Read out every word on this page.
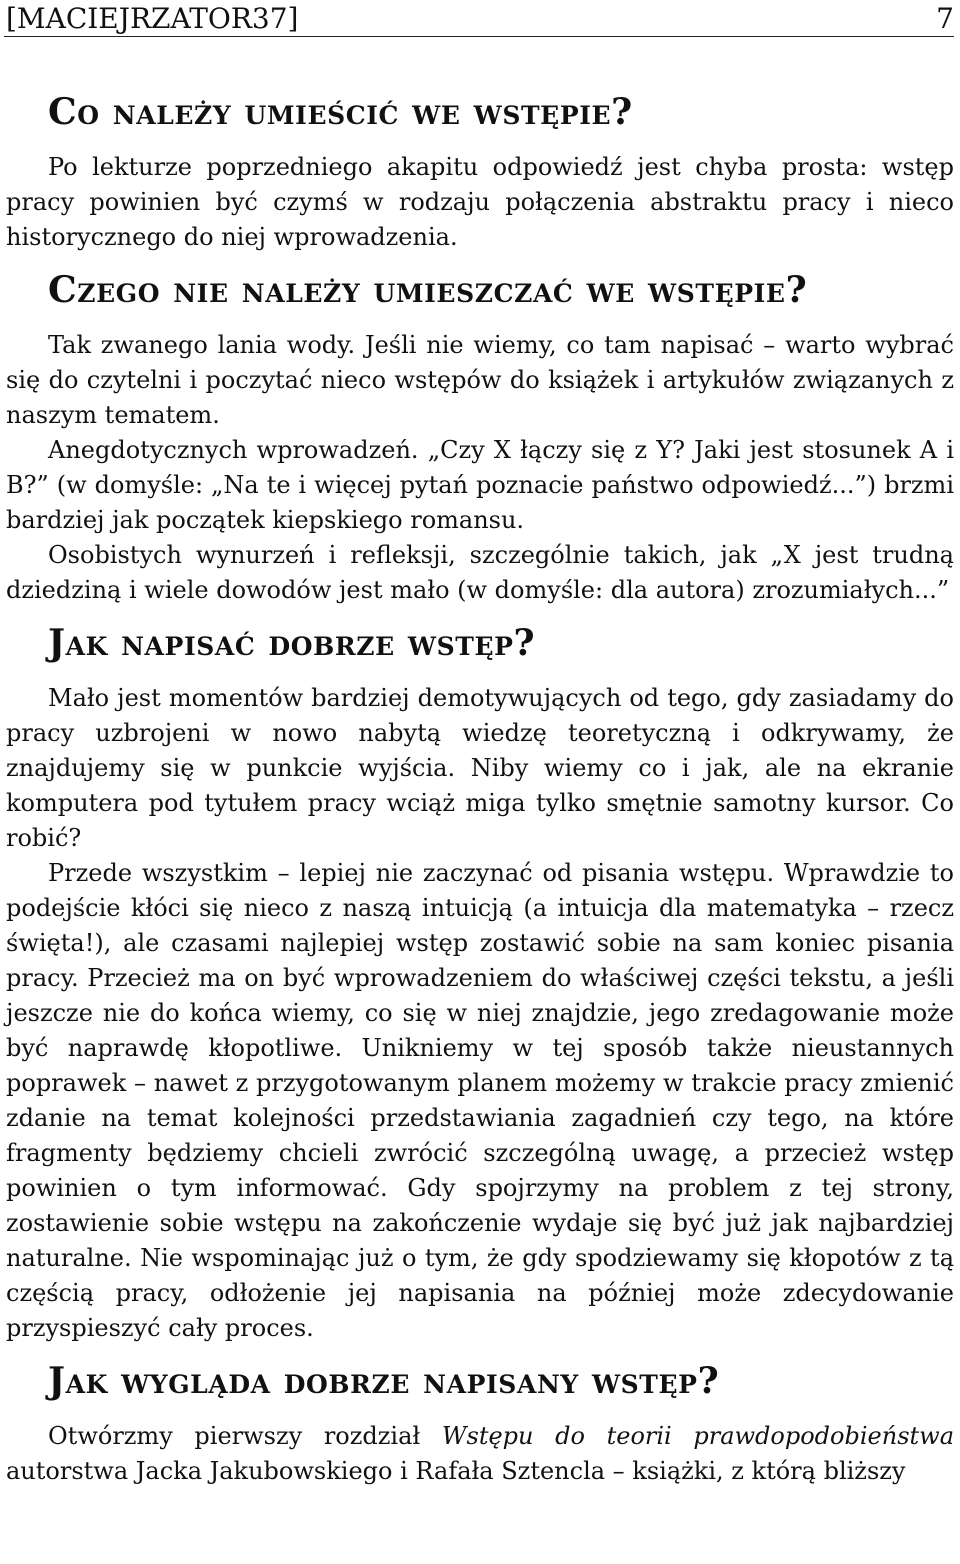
[MACIEJRZATOR37]	7
Co należy umieścić we wstępie?

Po lekturze poprzedniego akapitu odpowiedź jest chyba prosta: wstęp pracy powinien być czymś w rodzaju połączenia abstraktu pracy i nieco historycznego do niej wprowadzenia.

Czego nie należy umieszczać we wstępie?

Tak zwanego lania wody. Jeśli nie wiemy, co tam napisać – warto wybrać się do czytelni i poczytać nieco wstępów do książek i artykułów związanych z naszym tematem.

Anegdotycznych wprowadzeń. „Czy X łączy się z Y? Jaki jest stosunek A i B?” (w domyśle: „Na te i więcej pytań poznacie państwo odpowiedź...”) brzmi bardziej jak początek kiepskiego romansu.

Osobistych wynurzeń i refleksji, szczególnie takich, jak „X jest trudną dziedziną i wiele dowodów jest mało (w domyśle: dla autora) zrozumiałych...”

Jak napisać dobrze wstęp?

Mało jest momentów bardziej demotywujących od tego, gdy zasiadamy do pracy uzbrojeni w nowo nabytą wiedzę teoretyczną i odkrywamy, że znajdujemy się w punkcie wyjścia. Niby wiemy co i jak, ale na ekranie komputera pod tytułem pracy wciąż miga tylko smętnie samotny kursor. Co robić?

Przede wszystkim – lepiej nie zaczynać od pisania wstępu. Wprawdzie to podejście kłóci się nieco z naszą intuicją (a intuicja dla matematyka – rzecz święta!), ale czasami najlepiej wstęp zostawić sobie na sam koniec pisania pracy. Przecież ma on być wprowadzeniem do właściwej części tekstu, a jeśli jeszcze nie do końca wiemy, co się w niej znajdzie, jego zredagowanie może być naprawdę kłopotliwe. Unikniemy w tej sposób także nieustannych poprawek – nawet z przygotowanym planem możemy w trakcie pracy zmienić zdanie na temat kolejności przedstawiania zagadnień czy tego, na które fragmenty będziemy chcieli zwrócić szczególną uwagę, a przecież wstęp powinien o tym informować. Gdy spojrzymy na problem z tej strony, zostawienie sobie wstępu na zakończenie wydaje się być już jak najbardziej naturalne. Nie wspominając już o tym, że gdy spodziewamy się kłopotów z tą częścią pracy, odłożenie jej napisania na później może zdecydowanie przyspieszyć cały proces.

Jak wygląda dobrze napisany wstęp?

Otwórzmy pierwszy rozdział Wstępu do teorii prawdopodobieństwa autorstwa Jacka Jakubowskiego i Rafała Sztencla – książki, z którą bliższy
